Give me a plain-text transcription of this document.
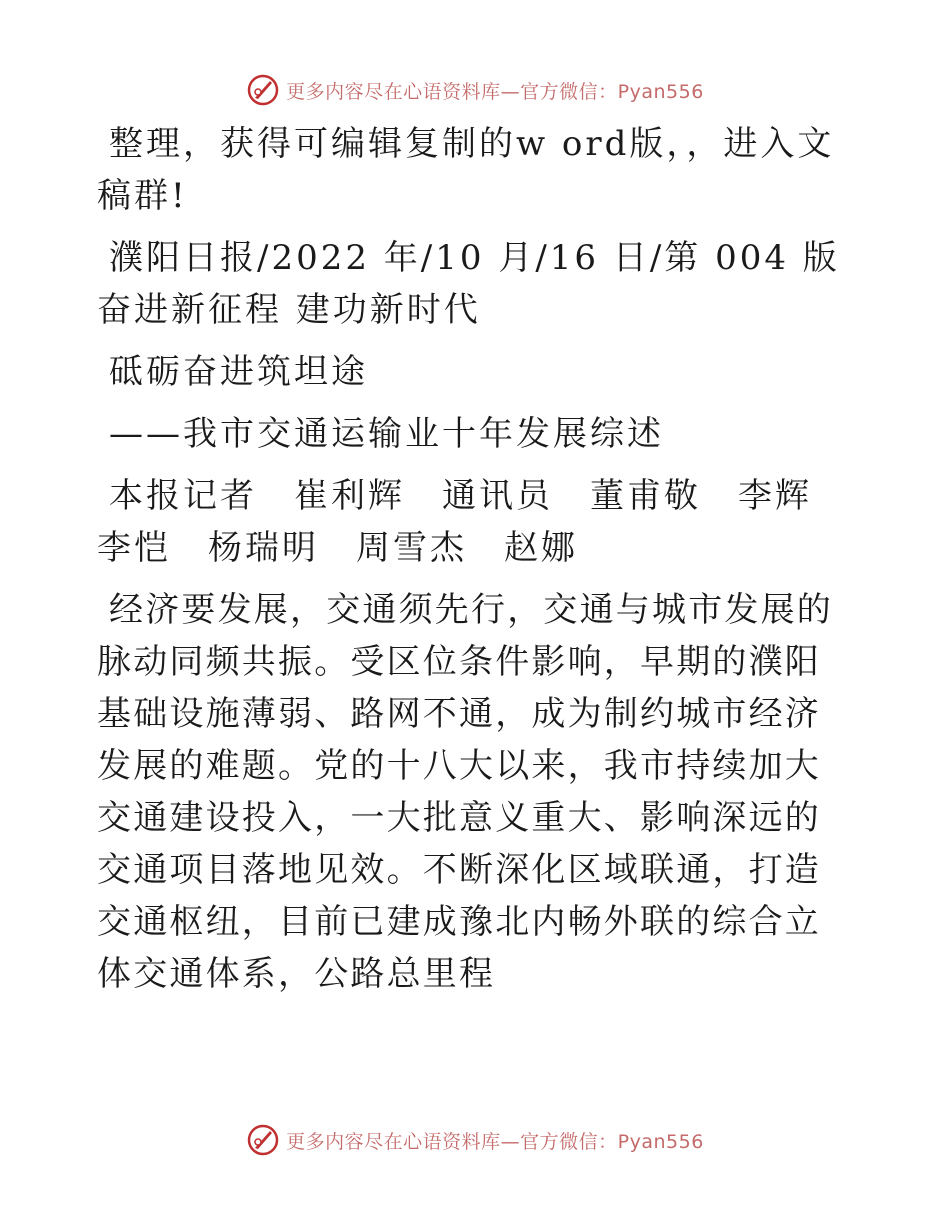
更多内容尽在心语资料库—官方微信：Pyan556

整理，获得可编辑复制的w ord版，，进入文稿群!

濮阳日报/2022 年/10 月/16 日/第 004 版奋进新征程 建功新时代

砥砺奋进筑坦途

——我市交通运输业十年发展综述

本报记者　崔利辉　通讯员　董甫敬　李辉　李恺　杨瑞明　周雪杰　赵娜

经济要发展，交通须先行，交通与城市发展的脉动同频共振。受区位条件影响，早期的濮阳基础设施薄弱、路网不通，成为制约城市经济发展的难题。党的十八大以来，我市持续加大交通建设投入，一大批意义重大、影响深远的交通项目落地见效。不断深化区域联通，打造交通枢纽，目前已建成豫北内畅外联的综合立体交通体系，公路总里程

更多内容尽在心语资料库—官方微信：Pyan556
